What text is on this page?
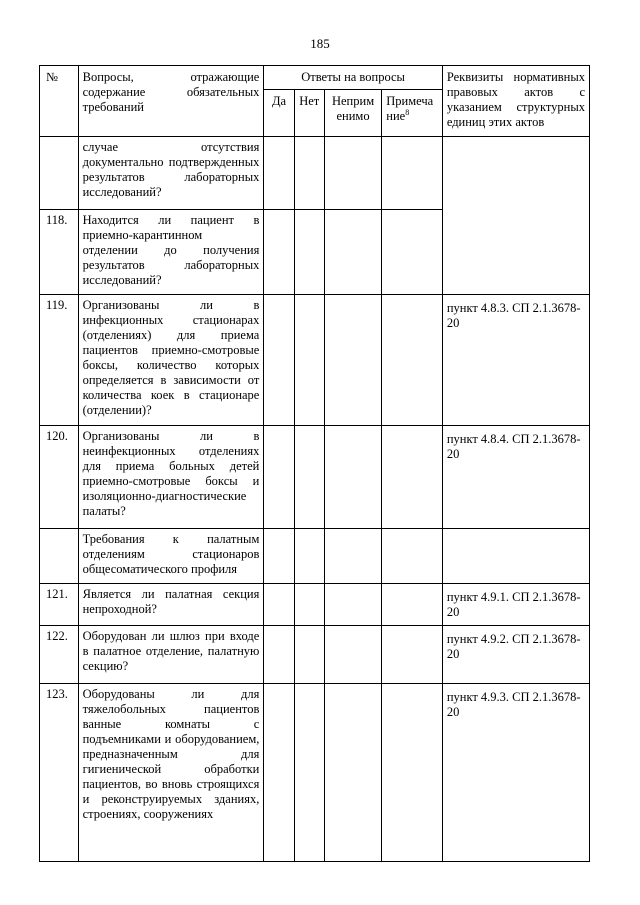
185
№	Вопросы, отражающие содержание обязательных требований	Ответы на вопросы				Реквизиты нормативных правовых актов с указанием структурных единиц этих актов
		Да	Нет	Неприм енимо	Примеча ние$^8$
	случае отсутствия документально подтвержденных результатов лабораторных исследований?					
118.	Находится ли пациент в приемно-карантинном отделении до получения результатов лабораторных исследований?					
119.	Организованы ли в инфекционных стационарах (отделениях) для приема пациентов приемно-смотровые боксы, количество которых определяется в зависимости от количества коек в стационаре (отделении)?					пункт 4.8.3. СП 2.1.3678-20
120.	Организованы ли в неинфекционных отделениях для приема больных детей приемно-смотровые боксы и изоляционно-диагностические палаты?					пункт 4.8.4. СП 2.1.3678-20
	Требования к палатным отделениям стационаров общесоматического профиля					
121.	Является ли палатная секция непроходной?					пункт 4.9.1. СП 2.1.3678-20
122.	Оборудован ли шлюз при входе в палатное отделение, палатную секцию?					пункт 4.9.2. СП 2.1.3678-20
123.	Оборудованы ли для тяжелобольных пациентов ванные комнаты с подъемниками и оборудованием, предназначенным для гигиенической обработки пациентов, во вновь строящихся и реконструируемых зданиях, строениях, сооружениях					пункт 4.9.3. СП 2.1.3678-20
